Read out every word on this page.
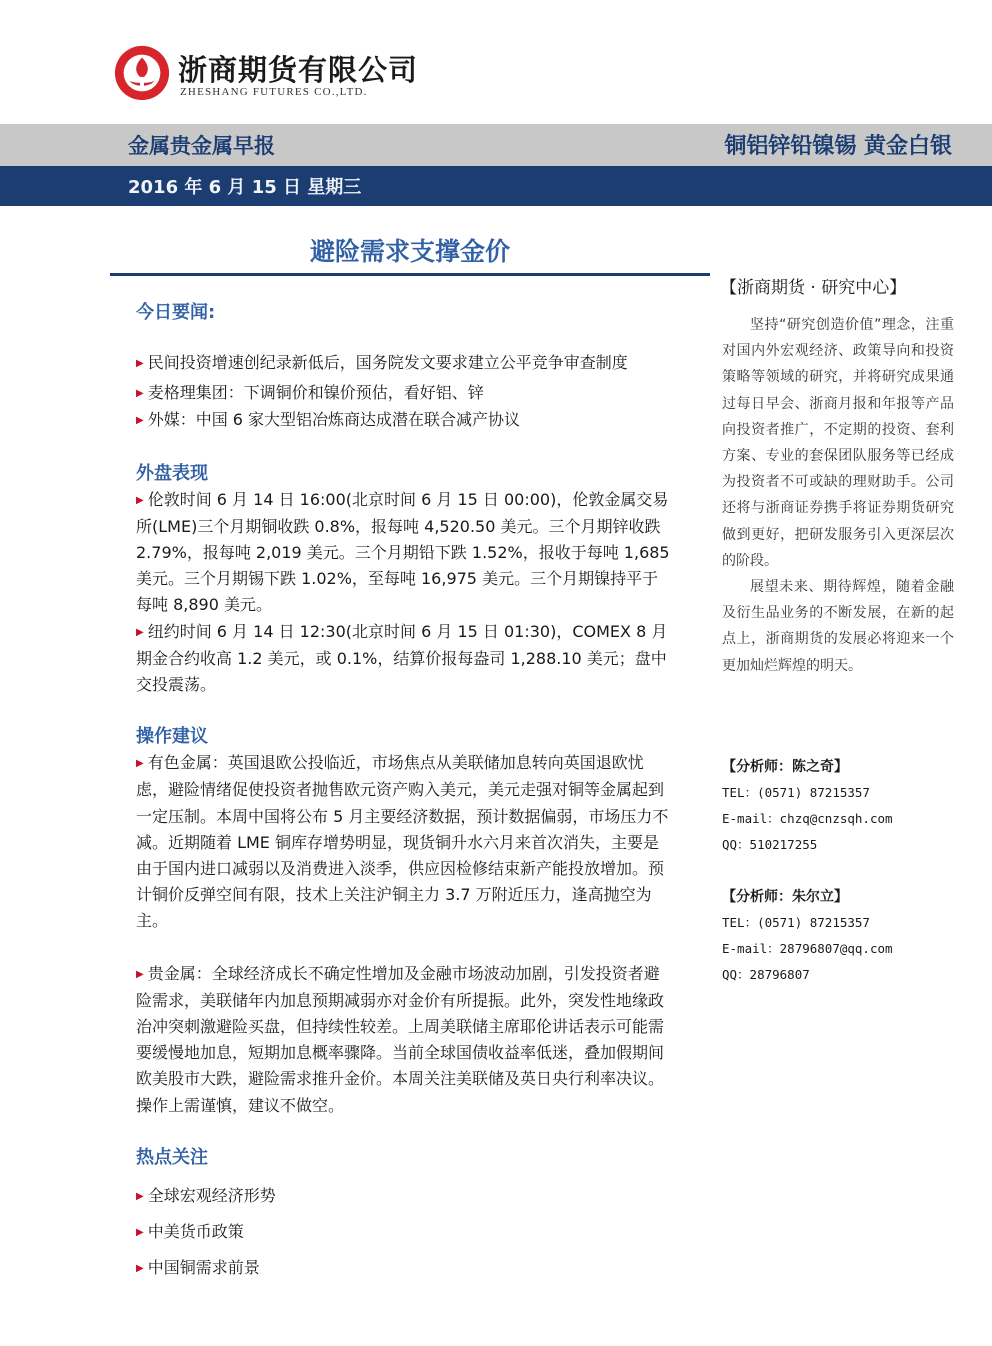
浙商期货有限公司
ZHESHANG FUTURES CO.,LTD.
金属贵金属早报	铜铝锌铅镍锡 黄金白银
2016 年 6 月 15 日 星期三
避险需求支撑金价
今日要闻:

▶ 民间投资增速创纪录新低后，国务院发文要求建立公平竞争审查制度

▶ 麦格理集团：下调铜价和镍价预估，看好铝、锌

▶ 外媒：中国 6 家大型铝冶炼商达成潜在联合减产协议

外盘表现

▶ 伦敦时间 6 月 14 日 16:00(北京时间 6 月 15 日 00:00)，伦敦金属交易所(LME)三个月期铜收跌 0.8%，报每吨 4,520.50 美元。三个月期锌收跌 2.79%，报每吨 2,019 美元。三个月期铅下跌 1.52%，报收于每吨 1,685 美元。三个月期锡下跌 1.02%，至每吨 16,975 美元。三个月期镍持平于每吨 8,890 美元。

▶ 纽约时间 6 月 14 日 12:30(北京时间 6 月 15 日 01:30)，COMEX 8 月期金合约收高 1.2 美元，或 0.1%，结算价报每盎司 1,288.10 美元；盘中交投震荡。

操作建议

▶ 有色金属：英国退欧公投临近，市场焦点从美联储加息转向英国退欧忧虑，避险情绪促使投资者抛售欧元资产购入美元，美元走强对铜等金属起到一定压制。本周中国将公布 5 月主要经济数据，预计数据偏弱，市场压力不减。近期随着 LME 铜库存增势明显，现货铜升水六月来首次消失，主要是由于国内进口减弱以及消费进入淡季，供应因检修结束新产能投放增加。预计铜价反弹空间有限，技术上关注沪铜主力 3.7 万附近压力，逢高抛空为主。

▶ 贵金属：全球经济成长不确定性增加及金融市场波动加剧，引发投资者避险需求，美联储年内加息预期减弱亦对金价有所提振。此外，突发性地缘政治冲突刺激避险买盘，但持续性较差。上周美联储主席耶伦讲话表示可能需要缓慢地加息，短期加息概率骤降。当前全球国债收益率低迷，叠加假期间欧美股市大跌，避险需求推升金价。本周关注美联储及英日央行利率决议。操作上需谨慎，建议不做空。

热点关注

▶ 全球宏观经济形势

▶ 中美货币政策

▶ 中国铜需求前景

【浙商期货 · 研究中心】

坚持“研究创造价值”理念，注重对国内外宏观经济、政策导向和投资策略等领域的研究，并将研究成果通过每日早会、浙商月报和年报等产品向投资者推广，不定期的投资、套利方案、专业的套保团队服务等已经成为投资者不可或缺的理财助手。公司还将与浙商证券携手将证券期货研究做到更好，把研发服务引入更深层次的阶段。

展望未来、期待辉煌，随着金融及衍生品业务的不断发展，在新的起点上，浙商期货的发展必将迎来一个更加灿烂辉煌的明天。

【分析师：陈之奇】
TEL：(0571) 87215357
E-mail：chzq@cnzsqh.com
QQ：510217255
【分析师：朱尔立】
TEL：(0571) 87215357
E-mail：28796807@qq.com
QQ：28796807
